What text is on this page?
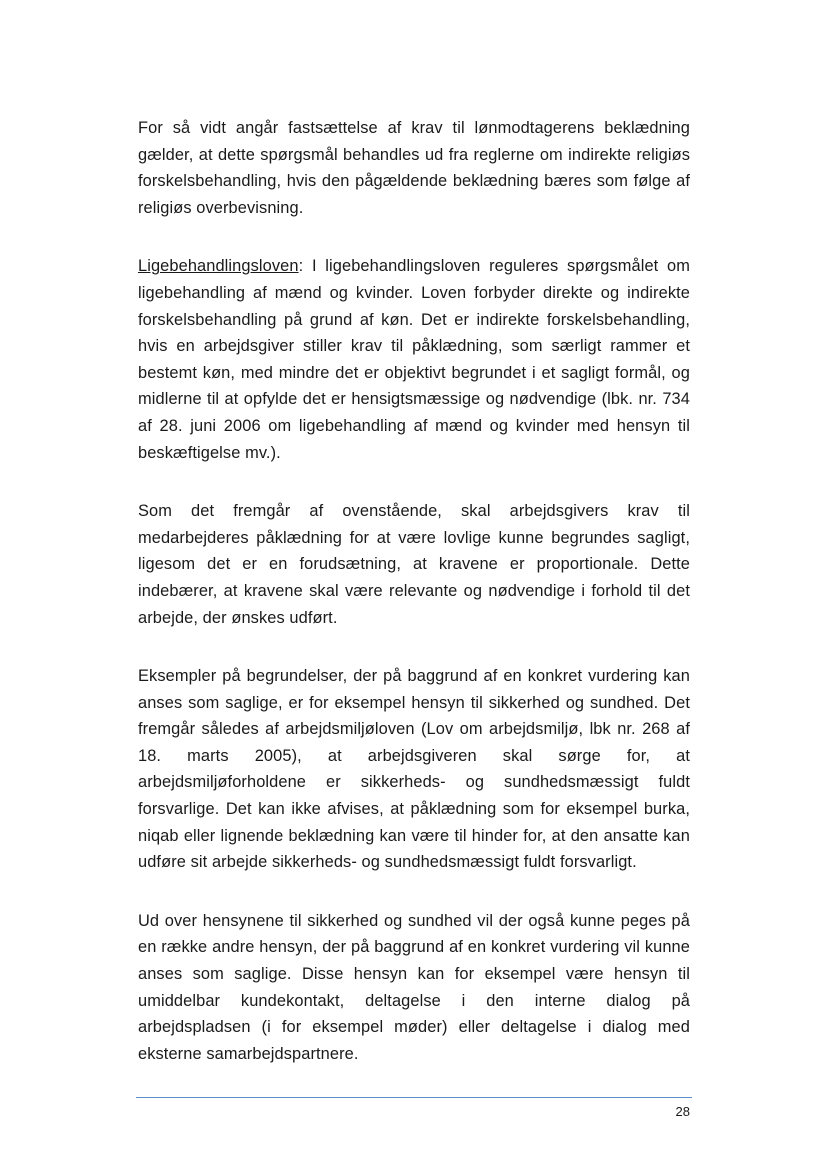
For så vidt angår fastsættelse af krav til lønmodtagerens beklædning gælder, at dette spørgsmål behandles ud fra reglerne om indirekte religiøs forskelsbehandling, hvis den pågældende beklædning bæres som følge af religiøs overbevisning.

Ligebehandlingsloven: I ligebehandlingsloven reguleres spørgsmålet om ligebehandling af mænd og kvinder. Loven forbyder direkte og indirekte forskelsbehandling på grund af køn. Det er indirekte forskelsbehandling, hvis en arbejdsgiver stiller krav til påklædning, som særligt rammer et bestemt køn, med mindre det er objektivt begrundet i et sagligt formål, og midlerne til at opfylde det er hensigtsmæssige og nødvendige (lbk. nr. 734 af 28. juni 2006 om ligebehandling af mænd og kvinder med hensyn til beskæftigelse mv.).

Som det fremgår af ovenstående, skal arbejdsgivers krav til medarbejderes påklædning for at være lovlige kunne begrundes sagligt, ligesom det er en forudsætning, at kravene er proportionale. Dette indebærer, at kravene skal være relevante og nødvendige i forhold til det arbejde, der ønskes udført.

Eksempler på begrundelser, der på baggrund af en konkret vurdering kan anses som saglige, er for eksempel hensyn til sikkerhed og sundhed. Det fremgår således af arbejdsmiljøloven (Lov om arbejdsmiljø, lbk nr. 268 af 18. marts 2005), at arbejdsgiveren skal sørge for, at arbejdsmiljøforholdene er sikkerheds- og sundhedsmæssigt fuldt forsvarlige. Det kan ikke afvises, at påklædning som for eksempel burka, niqab eller lignende beklædning kan være til hinder for, at den ansatte kan udføre sit arbejde sikkerheds- og sundhedsmæssigt fuldt forsvarligt.

Ud over hensynene til sikkerhed og sundhed vil der også kunne peges på en række andre hensyn, der på baggrund af en konkret vurdering vil kunne anses som saglige. Disse hensyn kan for eksempel være hensyn til umiddelbar kundekontakt, deltagelse i den interne dialog på arbejdspladsen (i for eksempel møder) eller deltagelse i dialog med eksterne samarbejdspartnere.

28
